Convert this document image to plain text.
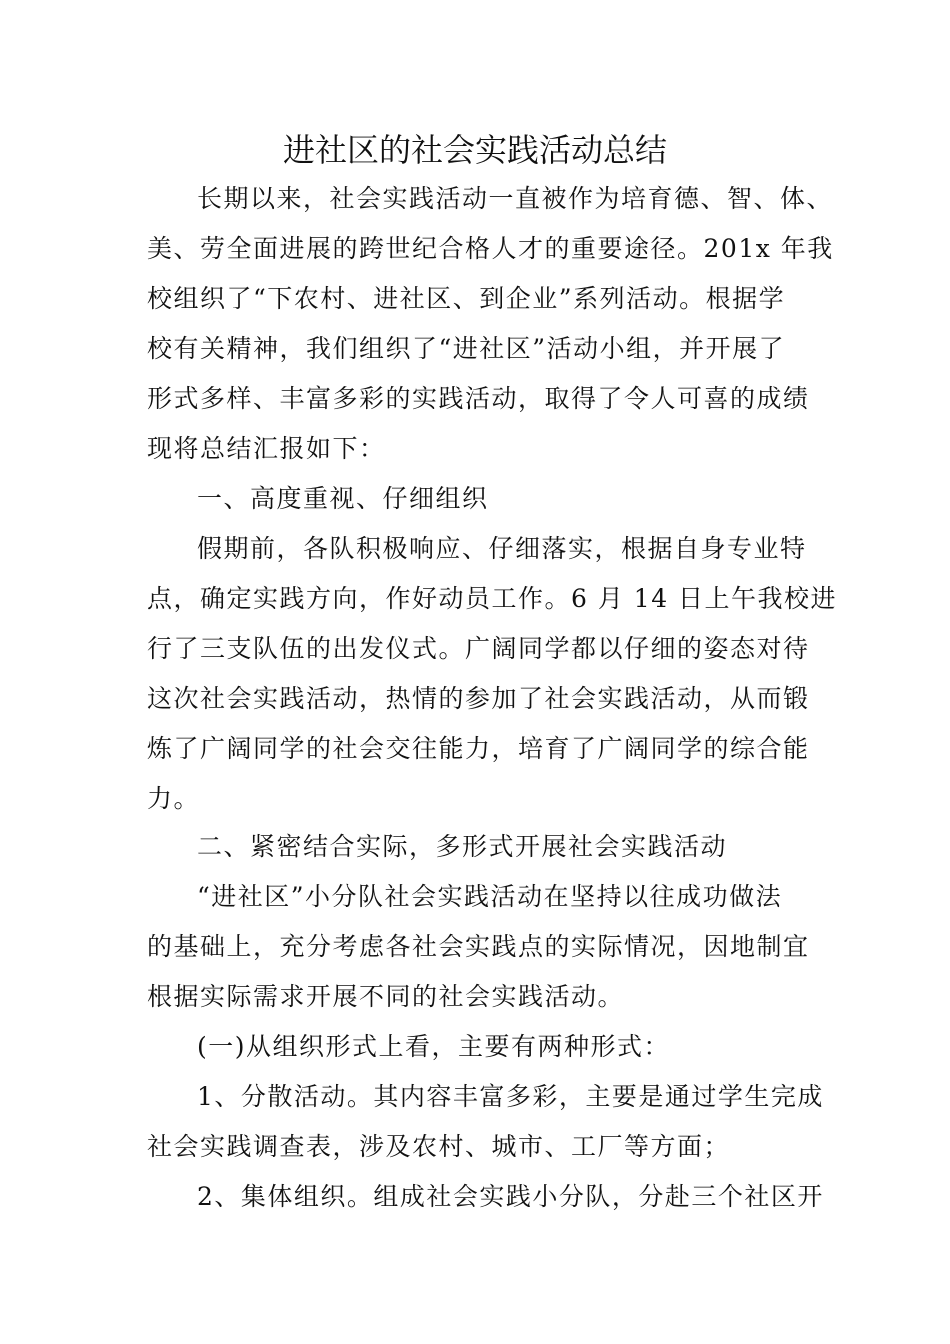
进社区的社会实践活动总结
长期以来，社会实践活动一直被作为培育德、智、体、
美、劳全面进展的跨世纪合格人才的重要途径。201x 年我
校组织了“下农村、进社区、到企业”系列活动。根据学
校有关精神，我们组织了“进社区”活动小组，并开展了
形式多样、丰富多彩的实践活动，取得了令人可喜的成绩
现将总结汇报如下：
一、高度重视、仔细组织
假期前，各队积极响应、仔细落实，根据自身专业特
点，确定实践方向，作好动员工作。6 月 14 日上午我校进
行了三支队伍的出发仪式。广阔同学都以仔细的姿态对待
这次社会实践活动，热情的参加了社会实践活动，从而锻
炼了广阔同学的社会交往能力，培育了广阔同学的综合能
力。
二、紧密结合实际，多形式开展社会实践活动
“进社区”小分队社会实践活动在坚持以往成功做法
的基础上，充分考虑各社会实践点的实际情况，因地制宜
根据实际需求开展不同的社会实践活动。
(一)从组织形式上看，主要有两种形式：
1、分散活动。其内容丰富多彩，主要是通过学生完成
社会实践调查表，涉及农村、城市、工厂等方面；
2、集体组织。组成社会实践小分队，分赴三个社区开
